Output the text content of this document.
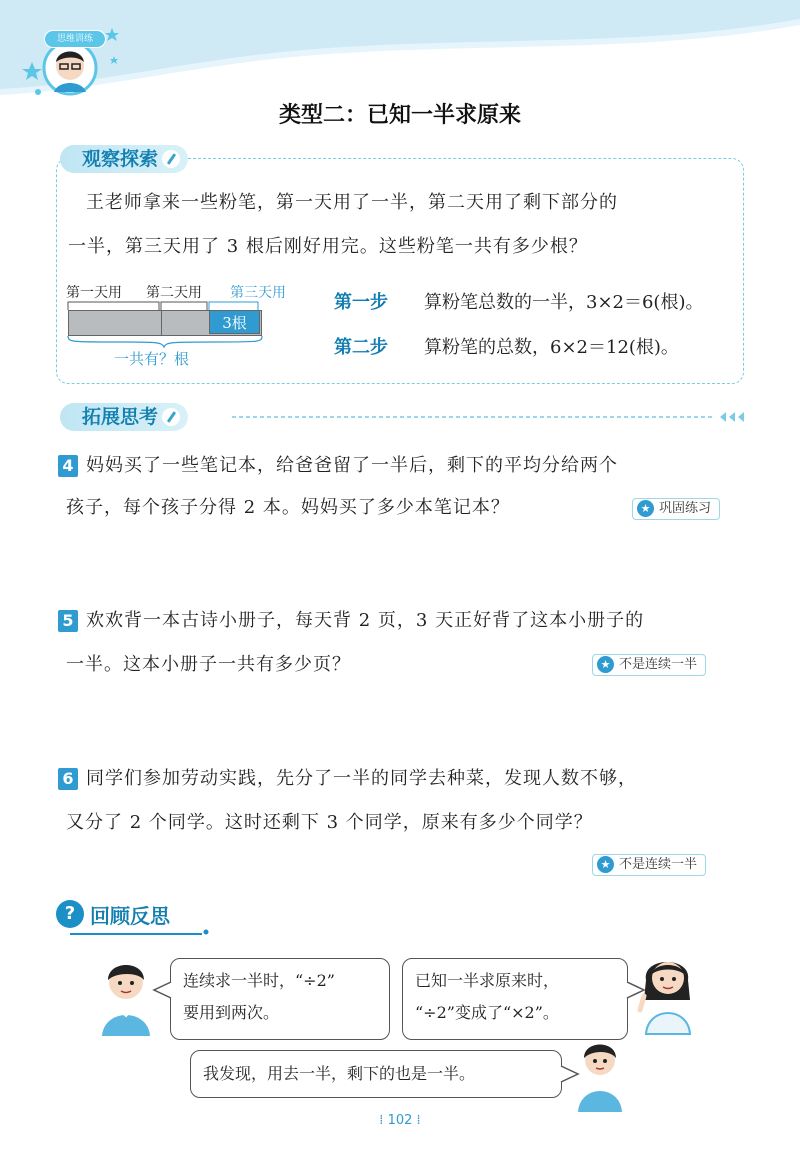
思维训练
类型二：已知一半求原来
观察探索
王老师拿来一些粉笔，第一天用了一半，第二天用了剩下部分的
一半，第三天用了 3 根后刚好用完。这些粉笔一共有多少根？
第一天用 第二天用 第三天用
3根
一共有？根
第一步 算粉笔总数的一半，3×2＝6(根)。
第二步 算粉笔的总数，6×2＝12(根)。
拓展思考
4 妈妈买了一些笔记本，给爸爸留了一半后，剩下的平均分给两个
孩子，每个孩子分得 2 本。妈妈买了多少本笔记本？	★ 巩固练习
5 欢欢背一本古诗小册子，每天背 2 页，3 天正好背了这本小册子的
一半。这本小册子一共有多少页？	★ 不是连续一半
6 同学们参加劳动实践，先分了一半的同学去种菜，发现人数不够，
又分了 2 个同学。这时还剩下 3 个同学，原来有多少个同学？
★ 不是连续一半
? 回顾反思
连续求一半时，“÷2”
要用到两次。
已知一半求原来时，
“÷2”变成了“×2”。
我发现，用去一半，剩下的也是一半。
⁞ 102 ⁞
